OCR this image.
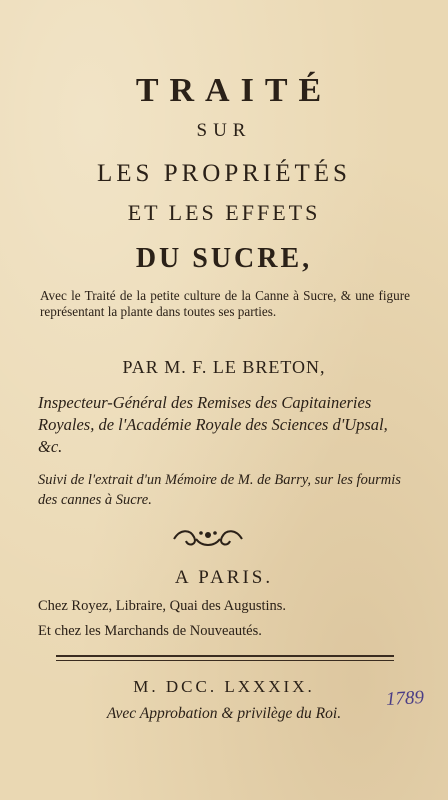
TRAITÉ
SUR
LES PROPRIÉTÉS
ET LES EFFETS
DU SUCRE,
Avec le Traité de la petite culture de la Canne à Sucre, & une figure représentant la plante dans toutes ses parties.
PAR M. F. LE BRETON,
Inspecteur-Général des Remises des Capitaineries Royales, de l'Académie Royale des Sciences d'Upsal, &c.
Suivi de l'extrait d'un Mémoire de M. de Barry, sur les fourmis des cannes à Sucre.
A PARIS.
Chez Royez, Libraire, Quai des Augustins.
Et chez les Marchands de Nouveautés.
M. DCC. LXXXIX.
Avec Approbation & privilège du Roi.
1789
